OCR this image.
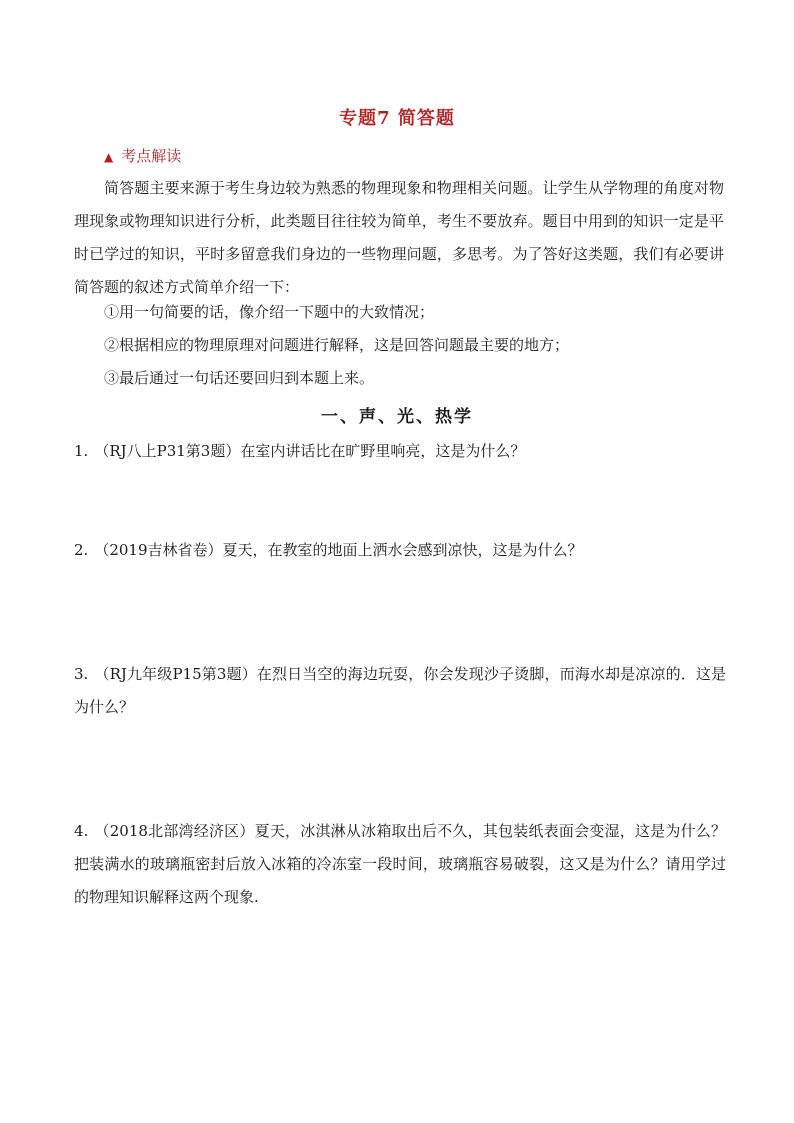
专题7 简答题
▲ 考点解读

简答题主要来源于考生身边较为熟悉的物理现象和物理相关问题。让学生从学物理的角度对物理现象或物理知识进行分析，此类题目往往较为简单，考生不要放弃。题目中用到的知识一定是平时已学过的知识，平时多留意我们身边的一些物理问题，多思考。为了答好这类题，我们有必要讲简答题的叙述方式简单介绍一下：

①用一句简要的话，像介绍一下题中的大致情况；
②根据相应的物理原理对问题进行解释，这是回答问题最主要的地方；
③最后通过一句话还要回归到本题上来。
一、声、光、热学
1. （RJ八上P31第3题）在室内讲话比在旷野里响亮，这是为什么？
2. （2019吉林省卷）夏天，在教室的地面上洒水会感到凉快，这是为什么？
3. （RJ九年级P15第3题）在烈日当空的海边玩耍，你会发现沙子烫脚，而海水却是凉凉的．这是为什么？
4. （2018北部湾经济区）夏天，冰淇淋从冰箱取出后不久，其包装纸表面会变湿，这是为什么？把装满水的玻璃瓶密封后放入冰箱的冷冻室一段时间，玻璃瓶容易破裂，这又是为什么？请用学过的物理知识解释这两个现象.
